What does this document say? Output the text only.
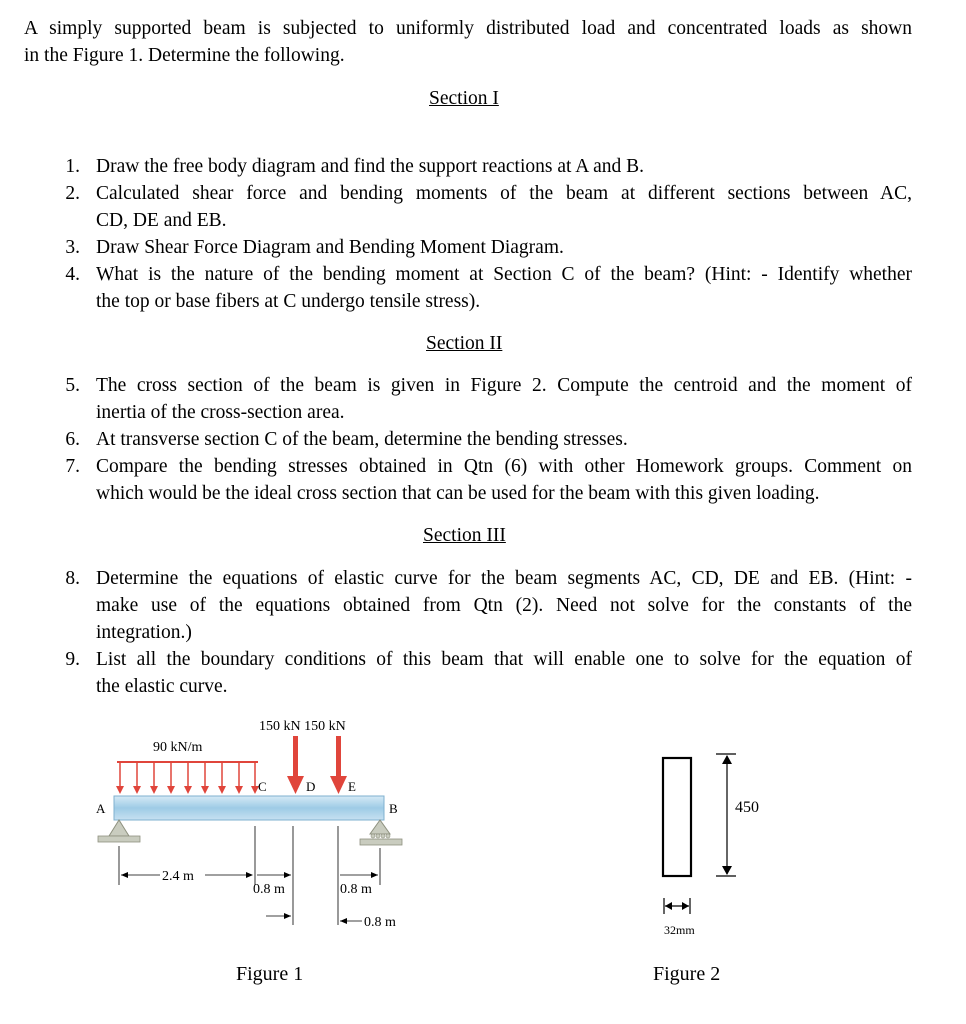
A simply supported beam is subjected to uniformly distributed load and concentrated loads as shown
in the Figure 1. Determine the following.
Section I
1. Draw the free body diagram and find the support reactions at A and B.
2. Calculated shear force and bending moments of the beam at different sections between AC,
CD, DE and EB.
3. Draw Shear Force Diagram and Bending Moment Diagram.
4. What is the nature of the bending moment at Section C of the beam? (Hint: - Identify whether
the top or base fibers at C undergo tensile stress).
Section II
5. The cross section of the beam is given in Figure 2. Compute the centroid and the moment of
inertia of the cross-section area.
6. At transverse section C of the beam, determine the bending stresses.
7. Compare the bending stresses obtained in Qtn (6) with other Homework groups. Comment on
which would be the ideal cross section that can be used for the beam with this given loading.
Section III
8. Determine the equations of elastic curve for the beam segments AC, CD, DE and EB. (Hint: -
make use of the equations obtained from Qtn (2). Need not solve for the constants of the
integration.)
9. List all the boundary conditions of this beam that will enable one to solve for the equation of
the elastic curve.
90 kN/m
150 kN 150 kN
A
C	D	E
B
2.4 m
0.8 m	0.8 m
0.8 m
450
32mm
Figure 1	Figure 2
